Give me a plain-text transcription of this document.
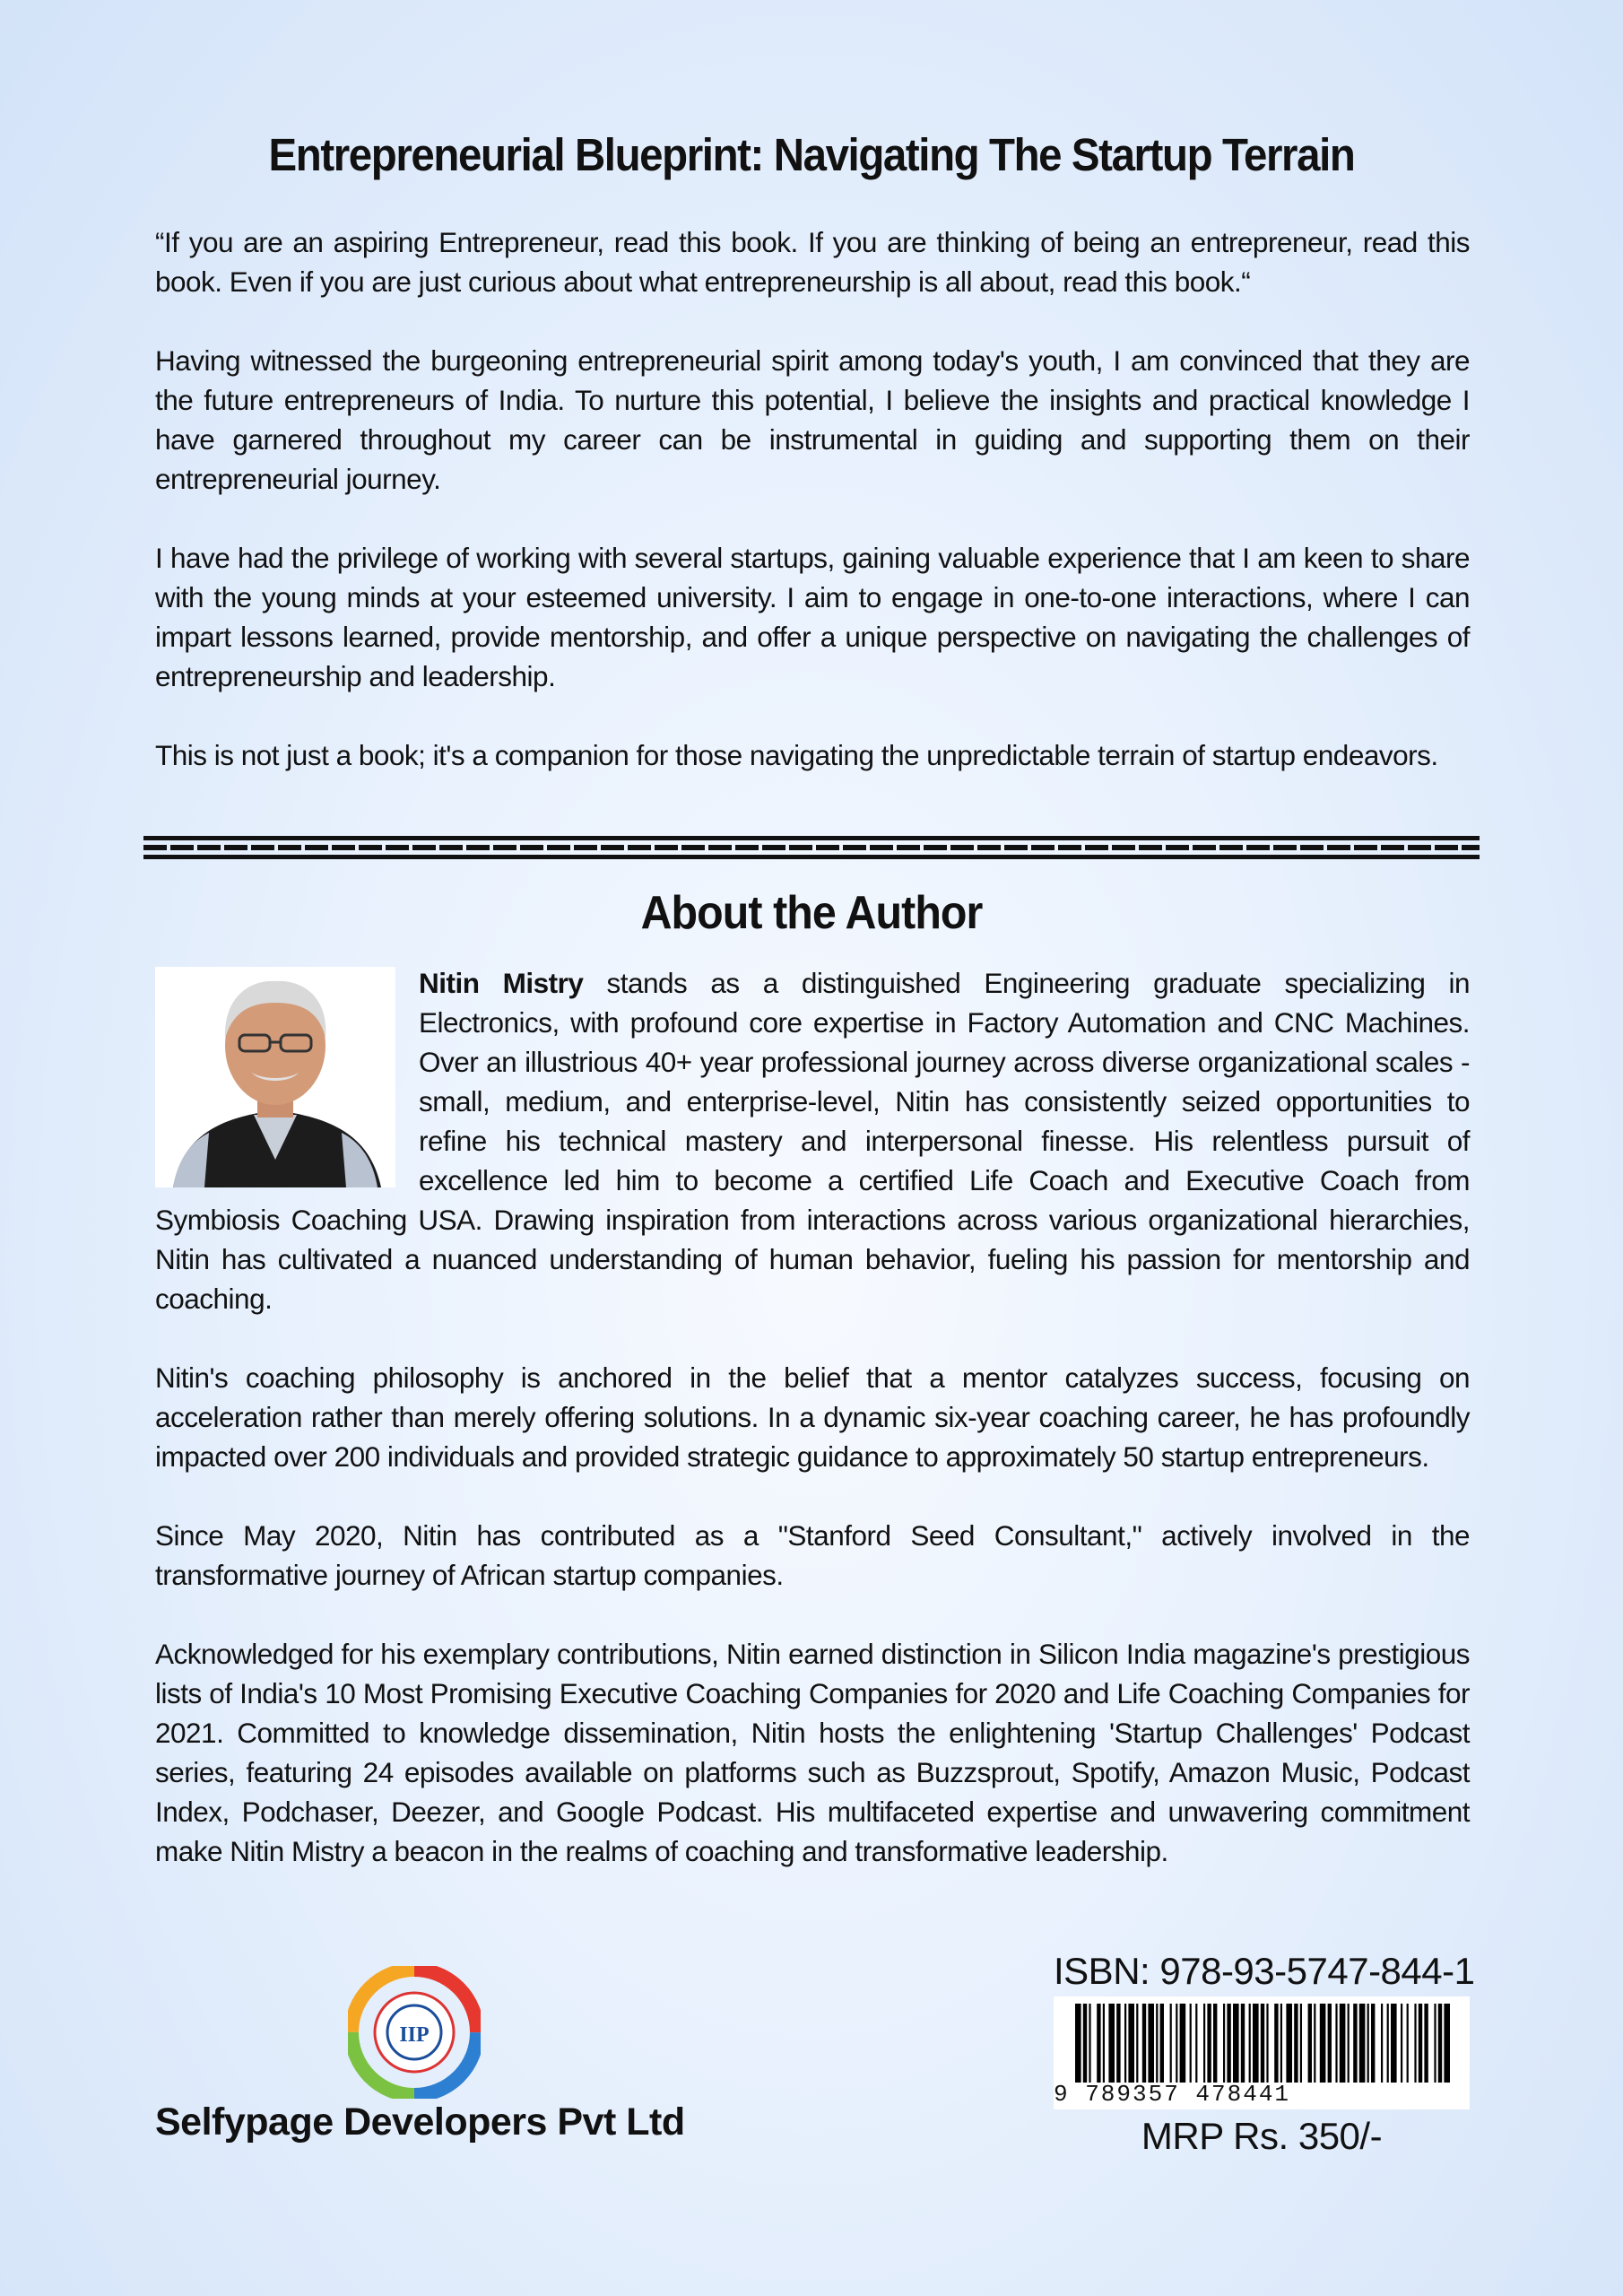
Entrepreneurial Blueprint: Navigating The Startup Terrain

“If you are an aspiring Entrepreneur, read this book. If you are thinking of being an entrepreneur, read this book. Even if you are just curious about what entrepreneurship is all about, read this book.“

Having witnessed the burgeoning entrepreneurial spirit among today's youth, I am convinced that they are the future entrepreneurs of India. To nurture this potential, I believe the insights and practical knowledge I have garnered throughout my career can be instrumental in guiding and supporting them on their entrepreneurial journey.

I have had the privilege of working with several startups, gaining valuable experience that I am keen to share with the young minds at your esteemed university. I aim to engage in one-to-one interactions, where I can impart lessons learned, provide mentorship, and offer a unique perspective on navigating the challenges of entrepreneurship and leadership.

This is not just a book; it's a companion for those navigating the unpredictable terrain of startup endeavors.

About the Author

Nitin Mistry stands as a distinguished Engineering graduate specializing in Electronics, with profound core expertise in Factory Automation and CNC Machines. Over an illustrious 40+ year professional journey across diverse organizational scales -small, medium, and enterprise-level, Nitin has consistently seized opportunities to refine his technical mastery and interpersonal finesse. His relentless pursuit of excellence led him to become a certified Life Coach and Executive Coach from Symbiosis Coaching USA. Drawing inspiration from interactions across various organizational hierarchies, Nitin has cultivated a nuanced understanding of human behavior, fueling his passion for mentorship and coaching.

Nitin's coaching philosophy is anchored in the belief that a mentor catalyzes success, focusing on acceleration rather than merely offering solutions. In a dynamic six-year coaching career, he has profoundly impacted over 200 individuals and provided strategic guidance to approximately 50 startup entrepreneurs.

Since May 2020, Nitin has contributed as a "Stanford Seed Consultant," actively involved in the transformative journey of African startup companies.

Acknowledged for his exemplary contributions, Nitin earned distinction in Silicon India magazine's prestigious lists of India's 10 Most Promising Executive Coaching Companies for 2020 and Life Coaching Companies for 2021. Committed to knowledge dissemination, Nitin hosts the enlightening 'Startup Challenges' Podcast series, featuring 24 episodes available on platforms such as Buzzsprout, Spotify, Amazon Music, Podcast Index, Podchaser, Deezer, and Google Podcast. His multifaceted expertise and unwavering commitment make Nitin Mistry a beacon in the realms of coaching and transformative leadership.

IIP
Selfypage Developers Pvt Ltd
ISBN: 978-93-5747-844-1
9 789357 478441
MRP Rs. 350/-
